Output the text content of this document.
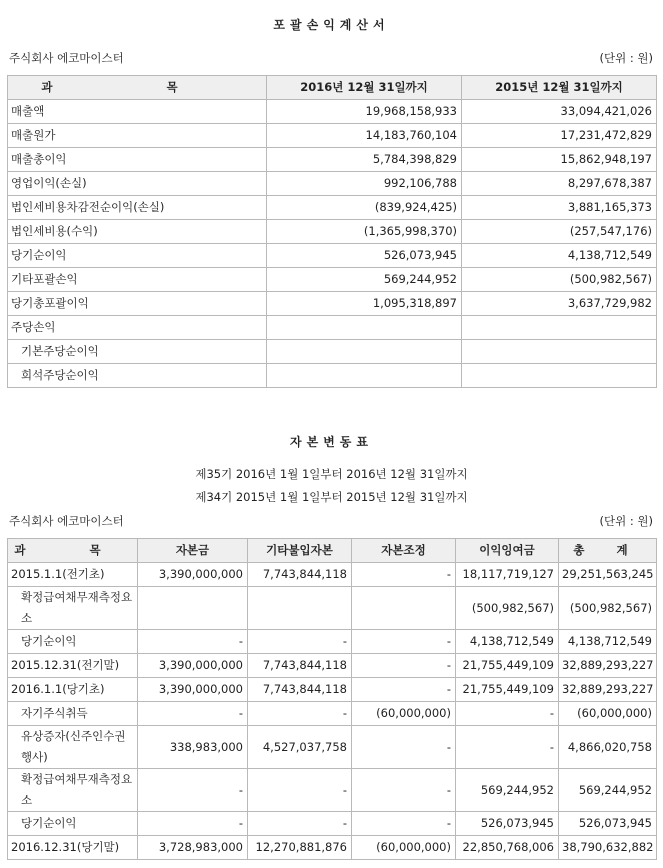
포괄손익계산서
주식회사 에코마이스터	(단위 : 원)
과 목	2016년 12월 31일까지	2015년 12월 31일까지
매출액	19,968,158,933	33,094,421,026
매출원가	14,183,760,104	17,231,472,829
매출총이익	5,784,398,829	15,862,948,197
영업이익(손실)	992,106,788	8,297,678,387
법인세비용차감전순이익(손실)	(839,924,425)	3,881,165,373
법인세비용(수익)	(1,365,998,370)	(257,547,176)
당기순이익	526,073,945	4,138,712,549
기타포괄손익	569,244,952	(500,982,567)
당기총포괄이익	1,095,318,897	3,637,729,982
주당손익		
기본주당순이익		
희석주당순이익		
자본변동표
제35기 2016년 1월 1일부터 2016년 12월 31일까지
제34기 2015년 1월 1일부터 2015년 12월 31일까지
주식회사 에코마이스터	(단위 : 원)
과 목	자본금	기타불입자본	자본조정	이익잉여금	총 계
2015.1.1(전기초)	3,390,000,000	7,743,844,118	-	18,117,719,127	29,251,563,245
확정급여채무재측정요소				(500,982,567)	(500,982,567)
당기순이익	-	-	-	4,138,712,549	4,138,712,549
2015.12.31(전기말)	3,390,000,000	7,743,844,118	-	21,755,449,109	32,889,293,227
2016.1.1(당기초)	3,390,000,000	7,743,844,118	-	21,755,449,109	32,889,293,227
자기주식취득	-	-	(60,000,000)	-	(60,000,000)
유상증자(신주인수권행사)	338,983,000	4,527,037,758	-	-	4,866,020,758
확정급여채무재측정요소	-	-	-	569,244,952	569,244,952
당기순이익	-	-	-	526,073,945	526,073,945
2016.12.31(당기말)	3,728,983,000	12,270,881,876	(60,000,000)	22,850,768,006	38,790,632,882
